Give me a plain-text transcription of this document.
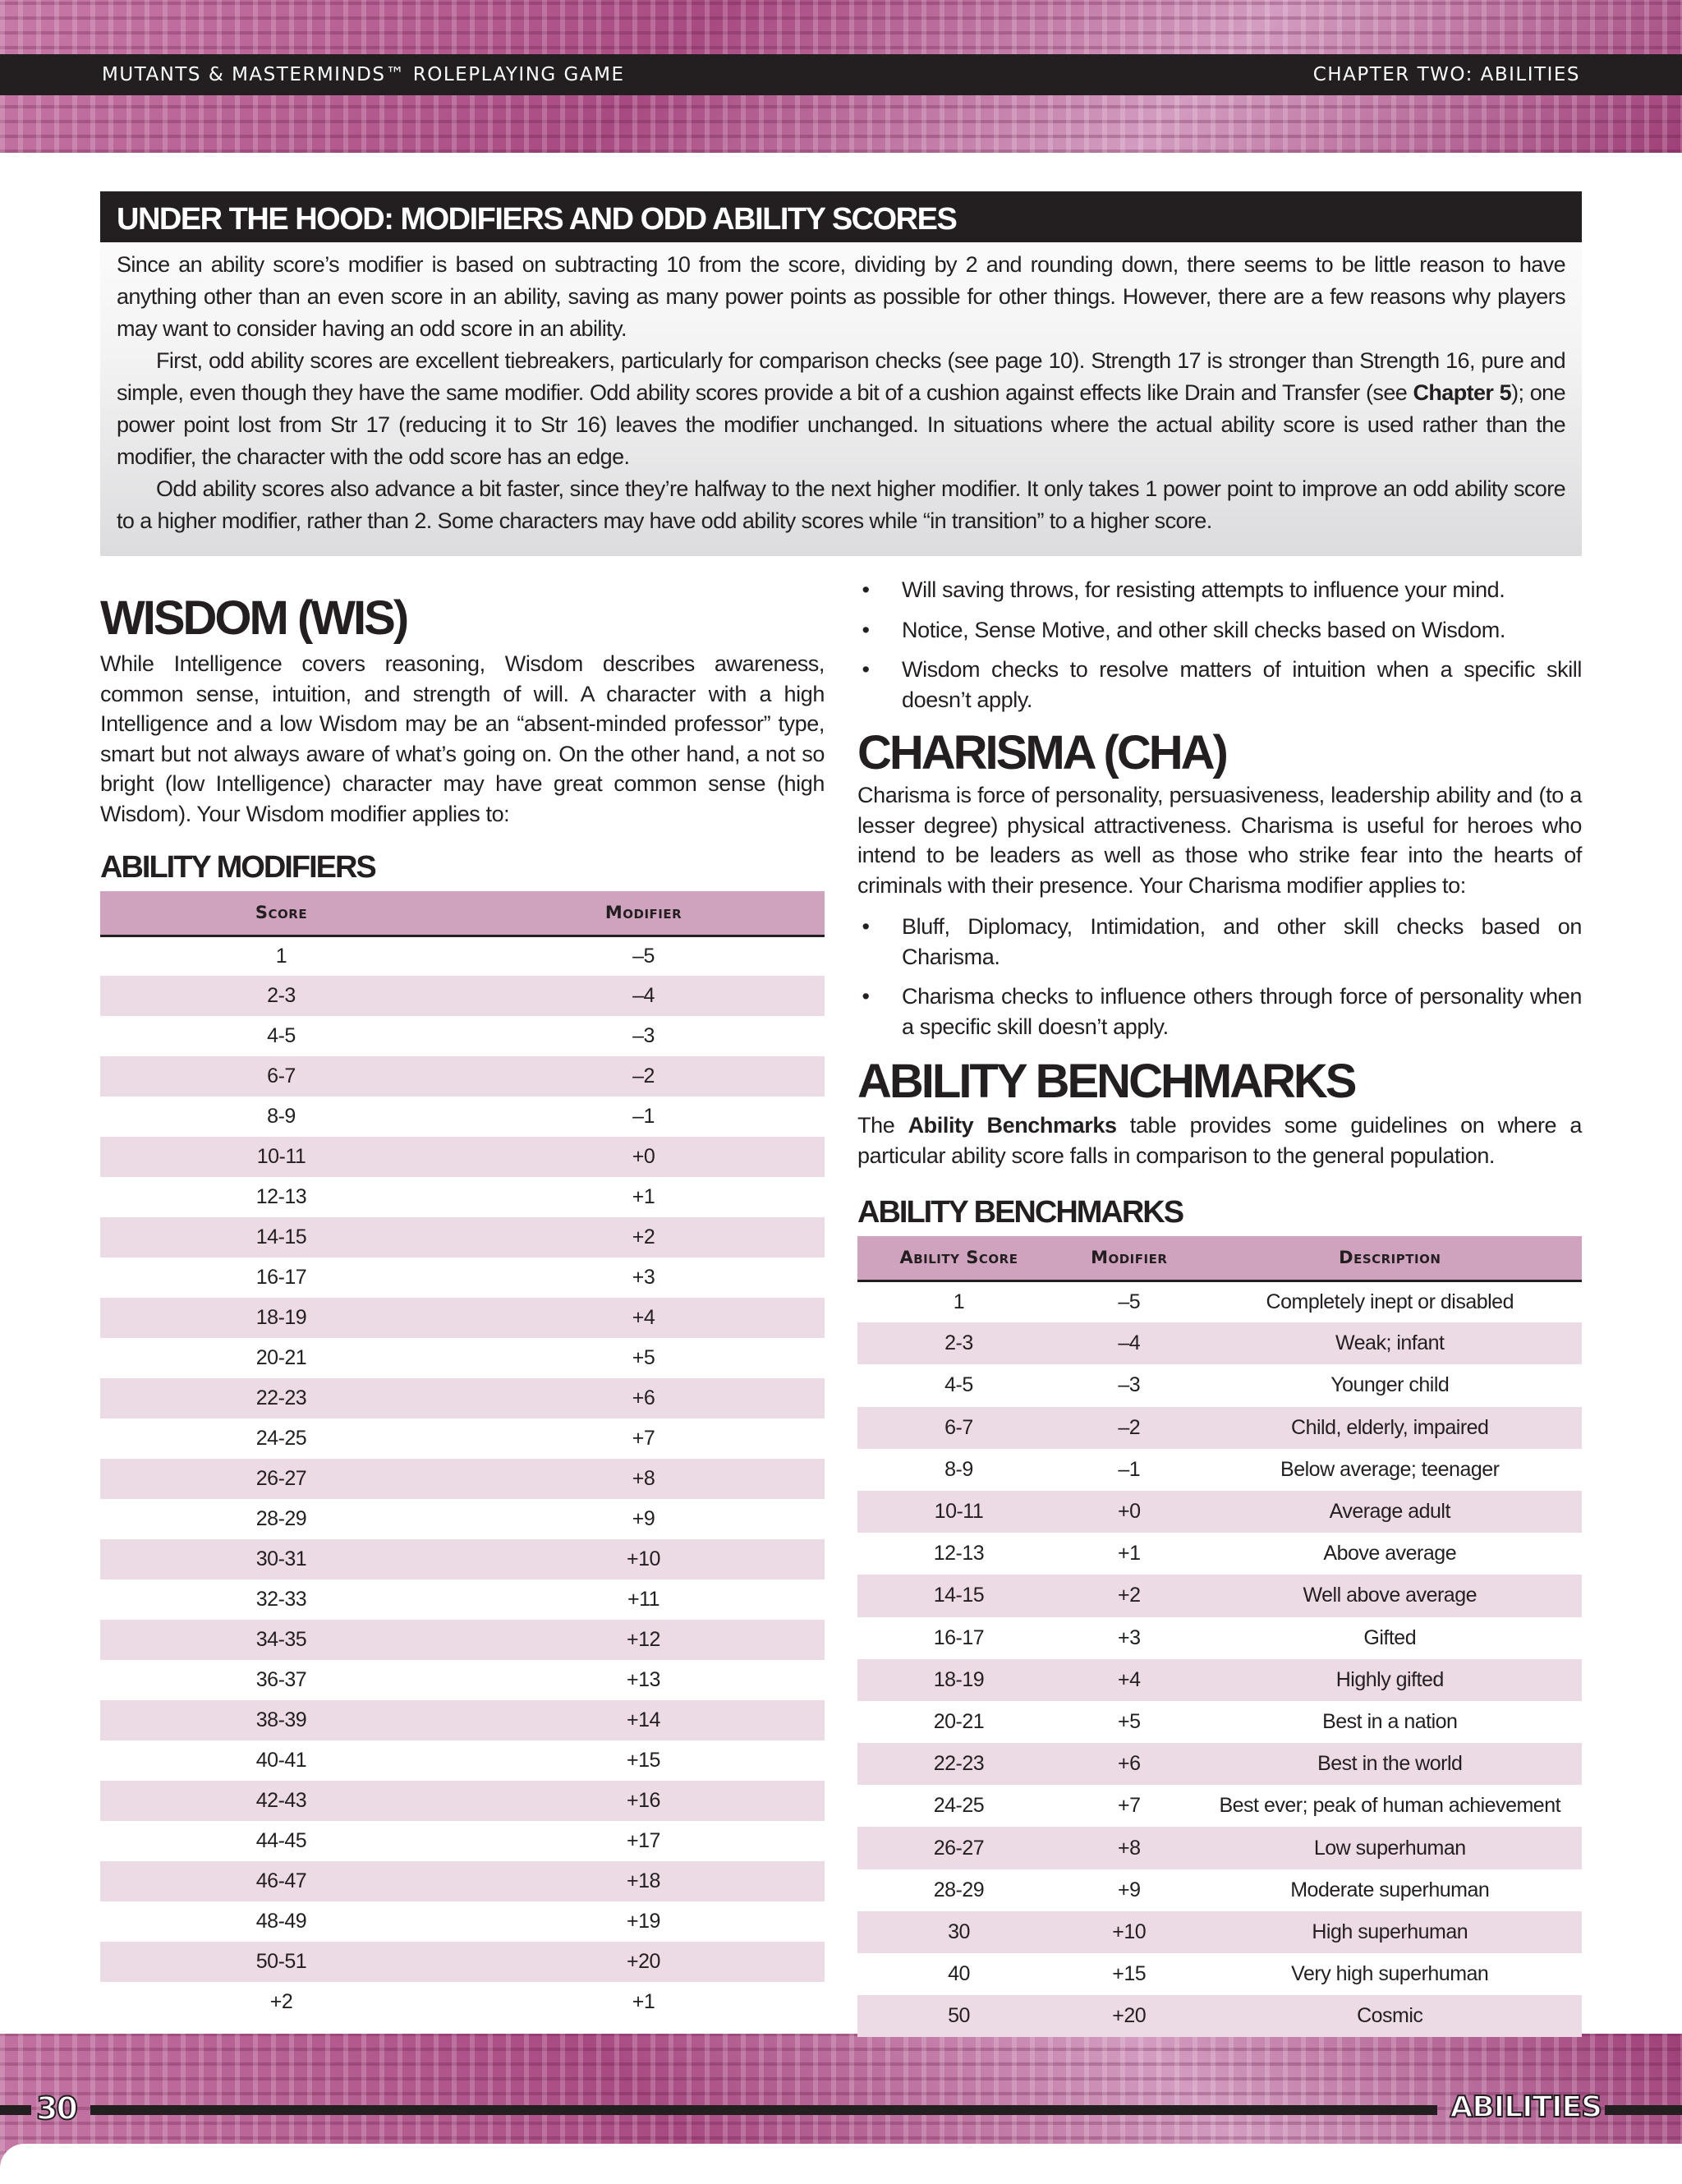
MUTANTS & MASTERMINDS™ ROLEPLAYING GAME	CHAPTER TWO: ABILITIES
UNDER THE HOOD: MODIFIERS AND ODD ABILITY SCORES

Since an ability score’s modifier is based on subtracting 10 from the score, dividing by 2 and rounding down, there seems to be little reason to have anything other than an even score in an ability, saving as many power points as possible for other things. However, there are a few reasons why players may want to consider having an odd score in an ability.

First, odd ability scores are excellent tiebreakers, particularly for comparison checks (see page 10). Strength 17 is stronger than Strength 16, pure and simple, even though they have the same modifier. Odd ability scores provide a bit of a cushion against effects like Drain and Transfer (see Chapter 5); one power point lost from Str 17 (reducing it to Str 16) leaves the modifier unchanged. In situations where the actual ability score is used rather than the modifier, the character with the odd score has an edge.

Odd ability scores also advance a bit faster, since they’re halfway to the next higher modifier. It only takes 1 power point to improve an odd ability score to a higher modifier, rather than 2. Some characters may have odd ability scores while “in transition” to a higher score.

WISDOM (WIS)

While Intelligence covers reasoning, Wisdom describes awareness, common sense, intuition, and strength of will. A character with a high Intelligence and a low Wisdom may be an “absent-minded professor” type, smart but not always aware of what’s going on. On the other hand, a not so bright (low Intelligence) character may have great common sense (high Wisdom). Your Wisdom modifier applies to:

ABILITY MODIFIERS
Score	Modifier
1	–5
2-3	–4
4-5	–3
6-7	–2
8-9	–1
10-11	+0
12-13	+1
14-15	+2
16-17	+3
18-19	+4
20-21	+5
22-23	+6
24-25	+7
26-27	+8
28-29	+9
30-31	+10
32-33	+11
34-35	+12
36-37	+13
38-39	+14
40-41	+15
42-43	+16
44-45	+17
46-47	+18
48-49	+19
50-51	+20
+2	+1
• Will saving throws, for resisting attempts to influence your mind.
• Notice, Sense Motive, and other skill checks based on Wisdom.
• Wisdom checks to resolve matters of intuition when a specific skill doesn’t apply.
CHARISMA (CHA)

Charisma is force of personality, persuasiveness, leadership ability and (to a lesser degree) physical attractiveness. Charisma is useful for heroes who intend to be leaders as well as those who strike fear into the hearts of criminals with their presence. Your Charisma modifier applies to:

• Bluff, Diplomacy, Intimidation, and other skill checks based on Charisma.
• Charisma checks to influence others through force of personality when a specific skill doesn’t apply.
ABILITY BENCHMARKS

The Ability Benchmarks table provides some guidelines on where a particular ability score falls in comparison to the general population.

ABILITY BENCHMARKS
Ability Score	Modifier	Description
1	–5	Completely inept or disabled
2-3	–4	Weak; infant
4-5	–3	Younger child
6-7	–2	Child, elderly, impaired
8-9	–1	Below average; teenager
10-11	+0	Average adult
12-13	+1	Above average
14-15	+2	Well above average
16-17	+3	Gifted
18-19	+4	Highly gifted
20-21	+5	Best in a nation
22-23	+6	Best in the world
24-25	+7	Best ever; peak of human achievement
26-27	+8	Low superhuman
28-29	+9	Moderate superhuman
30	+10	High superhuman
40	+15	Very high superhuman
50	+20	Cosmic
30	ABILITIES
